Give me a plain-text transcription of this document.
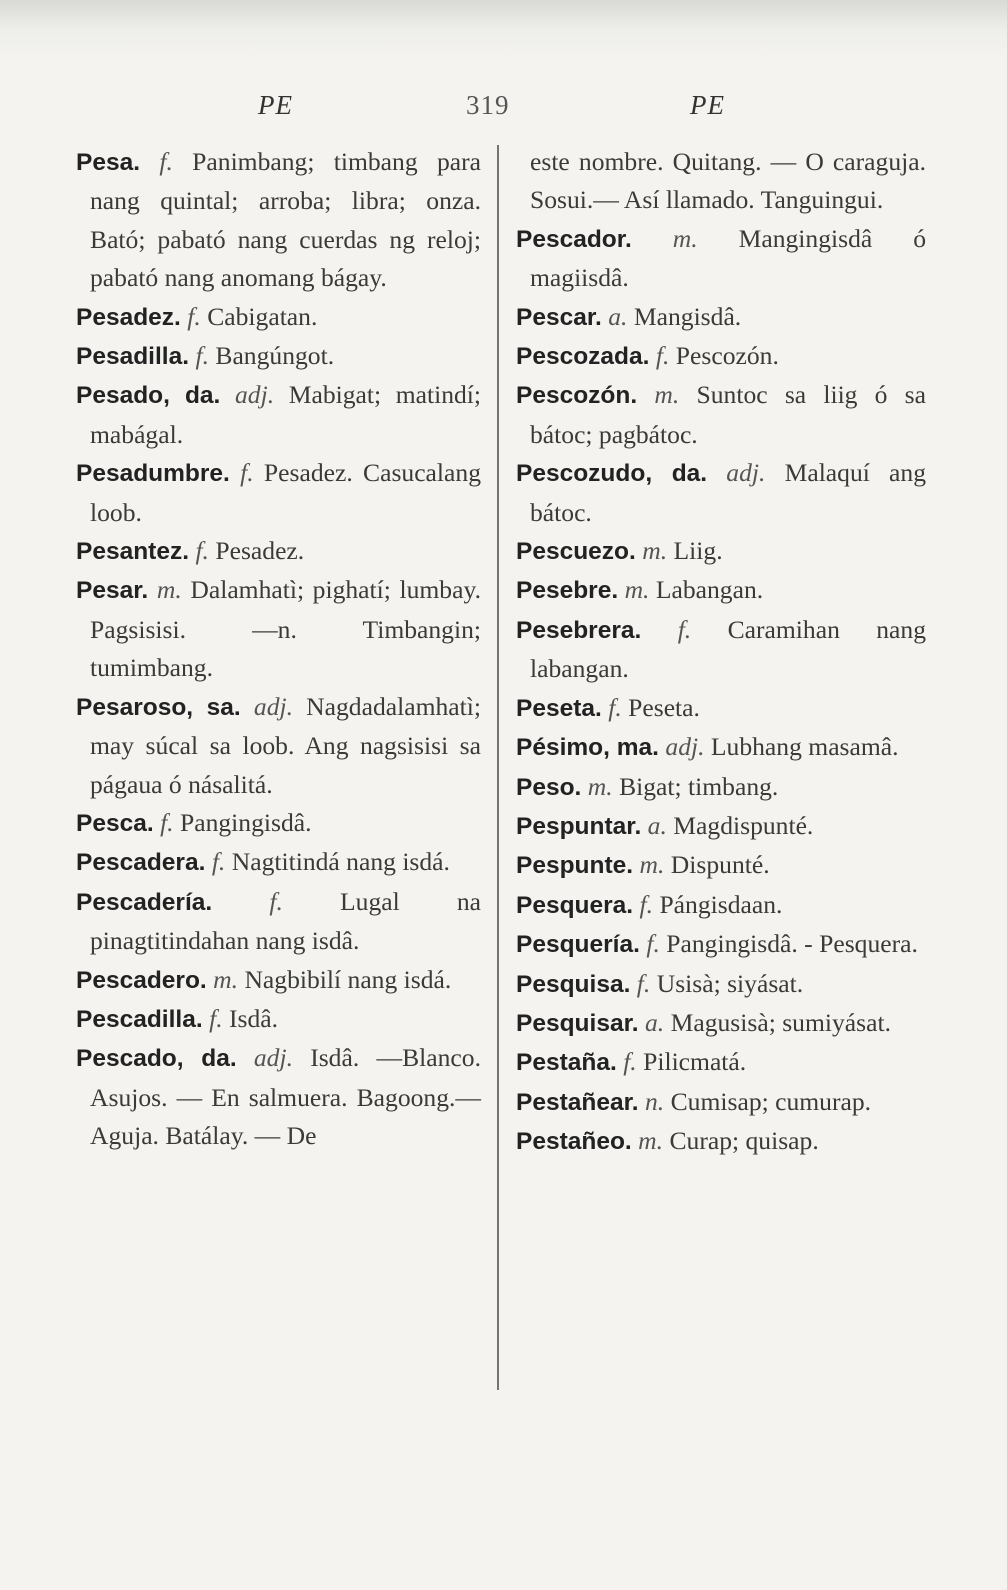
PE	319	PE

Pesa. f. Panimbang; timbang para nang quintal; arroba; libra; onza. Bató; pabató nang cuerdas ng reloj; pabató nang anomang bágay.

Pesadez. f. Cabigatan.

Pesadilla. f. Bangúngot.

Pesado, da. adj. Mabigat; matindí; mabágal.

Pesadumbre. f. Pesadez. Casucalang loob.

Pesantez. f. Pesadez.

Pesar. m. Dalamhatì; pighatí; lumbay. Pagsisisi. —n. Timbangin; tumimbang.

Pesaroso, sa. adj. Nagdadalamhatì; may súcal sa loob. Ang nagsisisi sa págaua ó násalitá.

Pesca. f. Pangingisdâ.

Pescadera. f. Nagtitindá nang isdá.

Pescadería. f. Lugal na pinagtitindahan nang isdâ.

Pescadero. m. Nagbibilí nang isdá.

Pescadilla. f. Isdâ.

Pescado, da. adj. Isdâ. —Blanco. Asujos. — En salmuera. Bagoong.— Aguja. Batálay. — De

este nombre. Quitang. — O caraguja. Sosui.— Así llamado. Tanguingui.

Pescador. m. Mangingisdâ ó magiisdâ.

Pescar. a. Mangisdâ.

Pescozada. f. Pescozón.

Pescozón. m. Suntoc sa liig ó sa bátoc; pagbátoc.

Pescozudo, da. adj. Malaquí ang bátoc.

Pescuezo. m. Liig.

Pesebre. m. Labangan.

Pesebrera. f. Caramihan nang labangan.

Peseta. f. Peseta.

Pésimo, ma. adj. Lubhang masamâ.

Peso. m. Bigat; timbang.

Pespuntar. a. Magdispunté.

Pespunte. m. Dispunté.

Pesquera. f. Pángisdaan.

Pesquería. f. Pangingisdâ. - Pesquera.

Pesquisa. f. Usisà; siyásat.

Pesquisar. a. Magusisà; sumiyásat.

Pestaña. f. Pilicmatá.

Pestañear. n. Cumisap; cumurap.

Pestañeo. m. Curap; quisap.
